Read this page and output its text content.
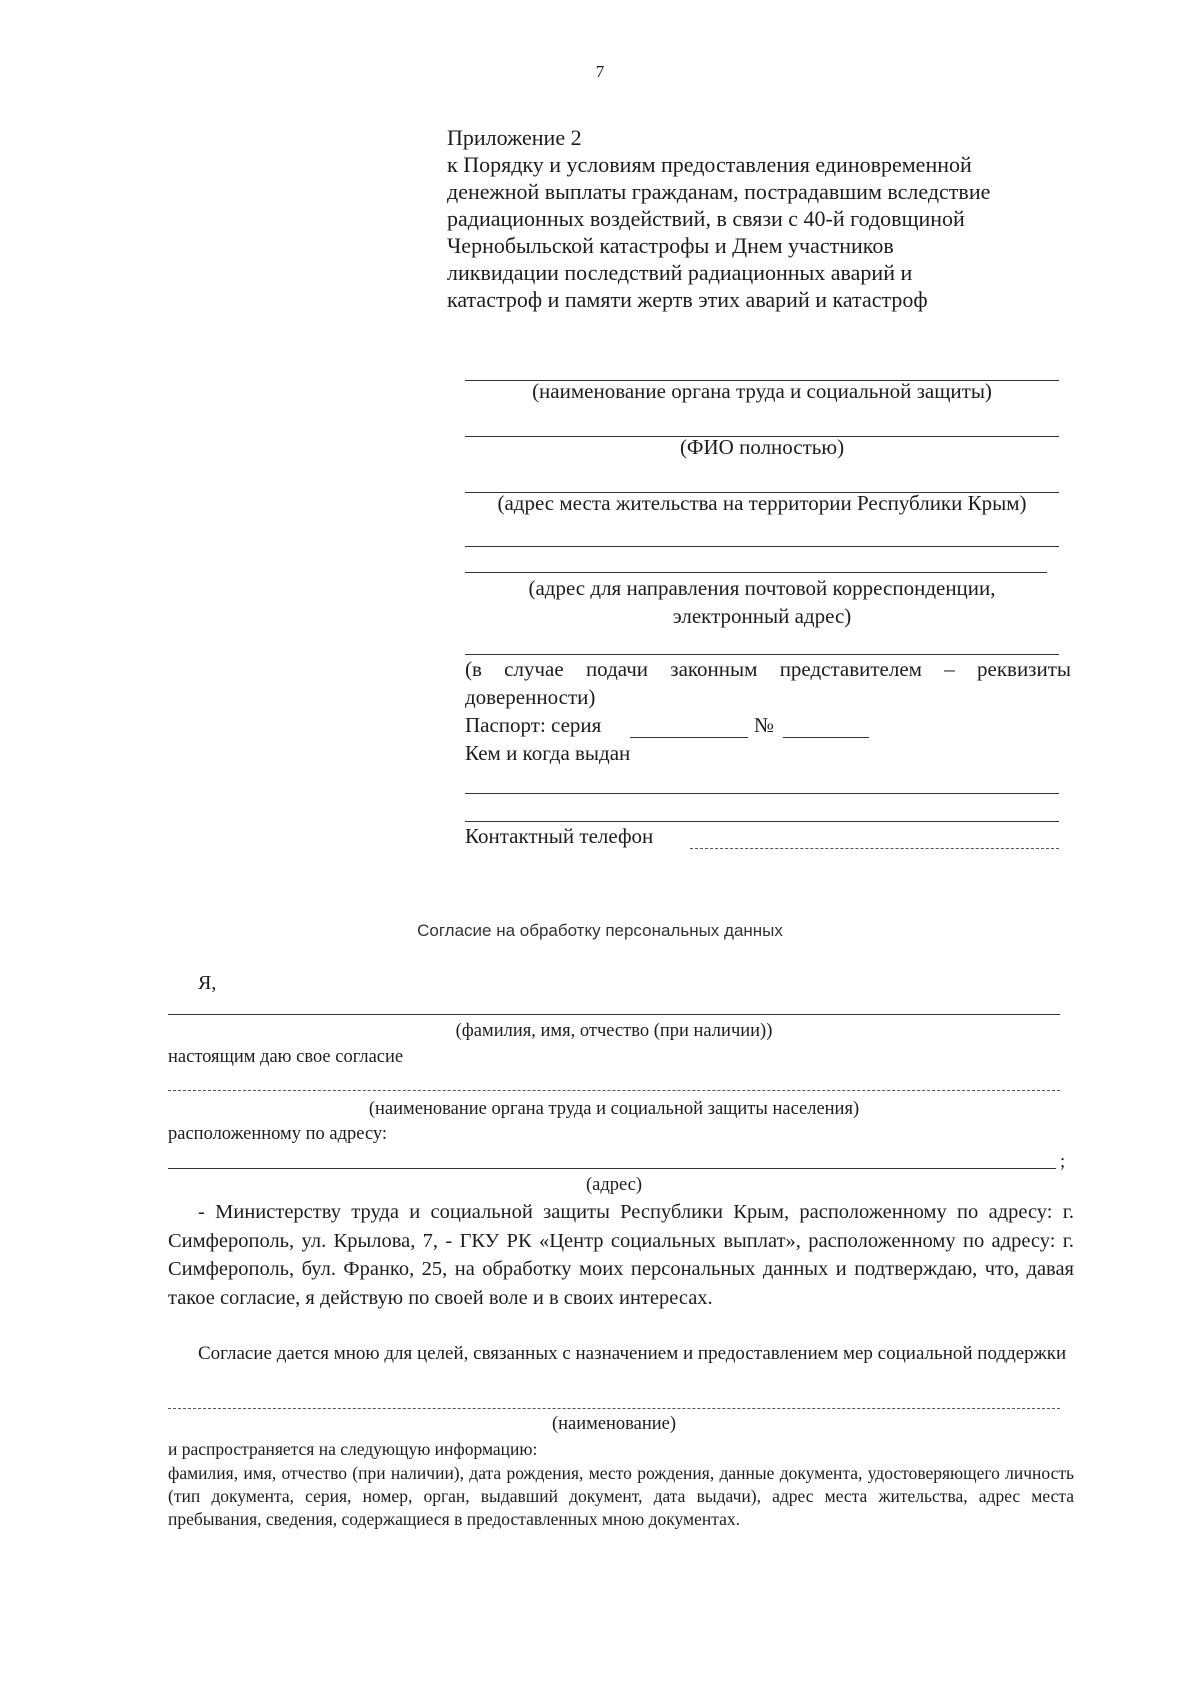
7
Приложение 2
к Порядку и условиям предоставления единовременной
денежной выплаты гражданам, пострадавшим вследствие
радиационных воздействий, в связи с 40-й годовщиной
Чернобыльской катастрофы и Днем участников
ликвидации последствий радиационных аварий и
катастроф и памяти жертв этих аварий и катастроф
(наименование органа труда и социальной защиты)
(ФИО полностью)
(адрес места жительства на территории Республики Крым)
(адрес для направления почтовой корреспонденции,
электронный адрес)
(в случае подачи законным представителем – реквизиты
доверенности)
Паспорт: серия	№
Кем и когда выдан
Контактный телефон
Согласие на обработку персональных данных
Я,
(фамилия, имя, отчество (при наличии))
настоящим даю свое согласие
(наименование органа труда и социальной защиты населения)
расположенному по адресу:
;
(адрес)
- Министерству труда и социальной защиты Республики Крым, расположенному по адресу: г. Симферополь, ул. Крылова, 7, - ГКУ РК «Центр социальных выплат», расположенному по адресу: г. Симферополь, бул. Франко, 25, на обработку моих персональных данных и подтверждаю, что, давая такое согласие, я действую по своей воле и в своих интересах.
Согласие дается мною для целей, связанных с назначением и предоставлением мер социальной поддержки
(наименование)
и распространяется на следующую информацию:
фамилия, имя, отчество (при наличии), дата рождения, место рождения, данные документа, удостоверяющего личность (тип документа, серия, номер, орган, выдавший документ, дата выдачи), адрес места жительства, адрес места пребывания, сведения, содержащиеся в предоставленных мною документах.
